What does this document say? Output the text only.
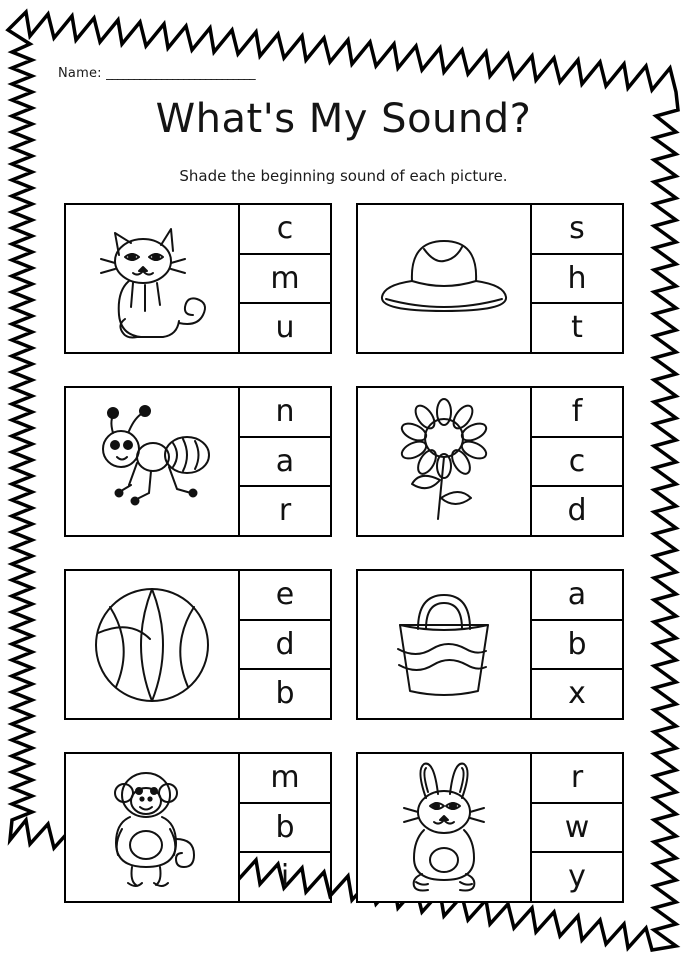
Name: ___________________________
What's My Sound?
Shade the beginning sound of each picture.
c
m
u
s
h
t
n
a
r
f
c
d
e
d
b
a
b
x
m
b
i
r
w
y
